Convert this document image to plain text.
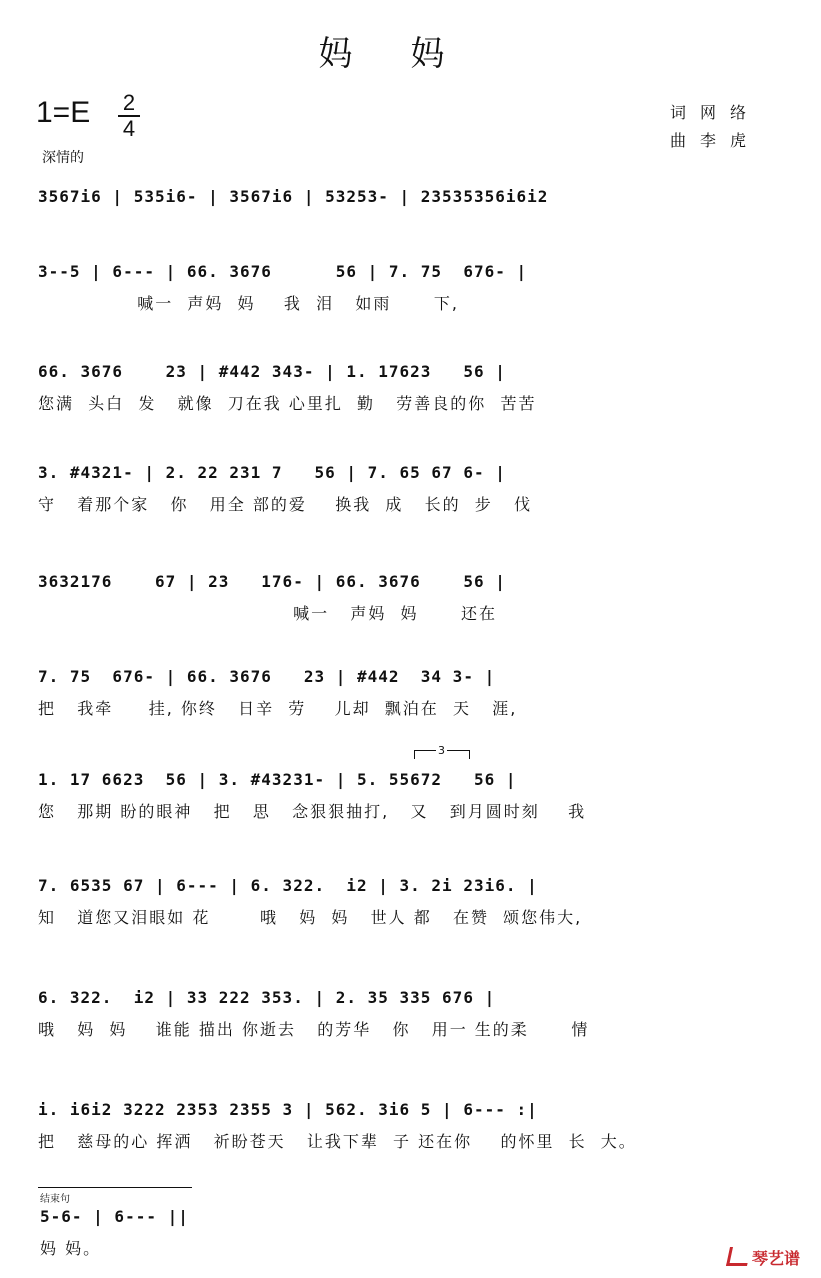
妈妈
1=E 2
4
深情的
词网络
曲李虎
3567i6 | 535i6- | 3567i6 | 53253- | 23535356i6i2
3--5 | 6--- | 66. 3676      56 | 7. 75  676- |
喊一  声妈  妈    我  泪   如雨      下,
66. 3676    23 | #442 343- | 1. 17623   56 |
您满  头白  发   就像  刀在我 心里扎  勤   劳善良的你  苦苦
3. #4321- | 2. 22 231 7   56 | 7. 65 67 6- |
守   着那个家   你   用全 部的爱    换我  成   长的  步   伐
3632176    67 | 23   176- | 66. 3676    56 |
喊一   声妈  妈      还在
7. 75  676- | 66. 3676   23 | #442  34 3- |
把   我牵     挂, 你终   日辛  劳    儿却  飘泊在  天   涯,
3
1. 17 6623  56 | 3. #43231- | 5. 55672   56 |
您   那期 盼的眼神   把   思   念狠狠抽打,   又   到月圆时刻    我
7. 6535 67 | 6--- | 6. 322.  i2 | 3. 2i 23i6. |
知   道您又泪眼如 花       哦   妈  妈   世人 都   在赞  颂您伟大,
6. 322.  i2 | 33 222 353. | 2. 35 335 676 |
哦   妈  妈    谁能 描出 你逝去   的芳华   你   用一 生的柔      情
i. i6i2 3222 2353 2355 3 | 562. 3i6 5 | 6--- :|
把   慈母的心 挥洒   祈盼苍天   让我下辈  子 还在你    的怀里  长  大。
结束句
5-6- | 6--- ||
妈 妈。
琴艺谱
